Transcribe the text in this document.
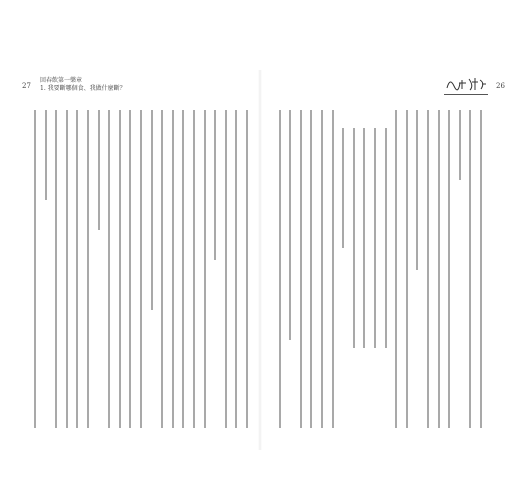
27
回春飲第一樂章
1. 我要斷哪個食、我做什麼斷？	26
